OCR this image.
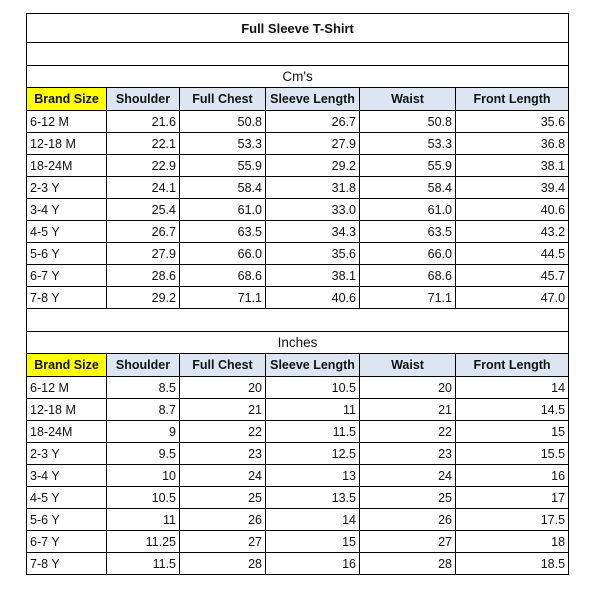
Full Sleeve T-Shirt					

Cm's					
Brand Size	Shoulder	Full Chest	Sleeve Length	Waist	Front Length
6-12 M	21.6	50.8	26.7	50.8	35.6
12-18 M	22.1	53.3	27.9	53.3	36.8
18-24M	22.9	55.9	29.2	55.9	38.1
2-3 Y	24.1	58.4	31.8	58.4	39.4
3-4 Y	25.4	61.0	33.0	61.0	40.6
4-5 Y	26.7	63.5	34.3	63.5	43.2
5-6 Y	27.9	66.0	35.6	66.0	44.5
6-7 Y	28.6	68.6	38.1	68.6	45.7
7-8 Y	29.2	71.1	40.6	71.1	47.0

Inches					
Brand Size	Shoulder	Full Chest	Sleeve Length	Waist	Front Length
6-12 M	8.5	20	10.5	20	14
12-18 M	8.7	21	11	21	14.5
18-24M	9	22	11.5	22	15
2-3 Y	9.5	23	12.5	23	15.5
3-4 Y	10	24	13	24	16
4-5 Y	10.5	25	13.5	25	17
5-6 Y	11	26	14	26	17.5
6-7 Y	11.25	27	15	27	18
7-8 Y	11.5	28	16	28	18.5
